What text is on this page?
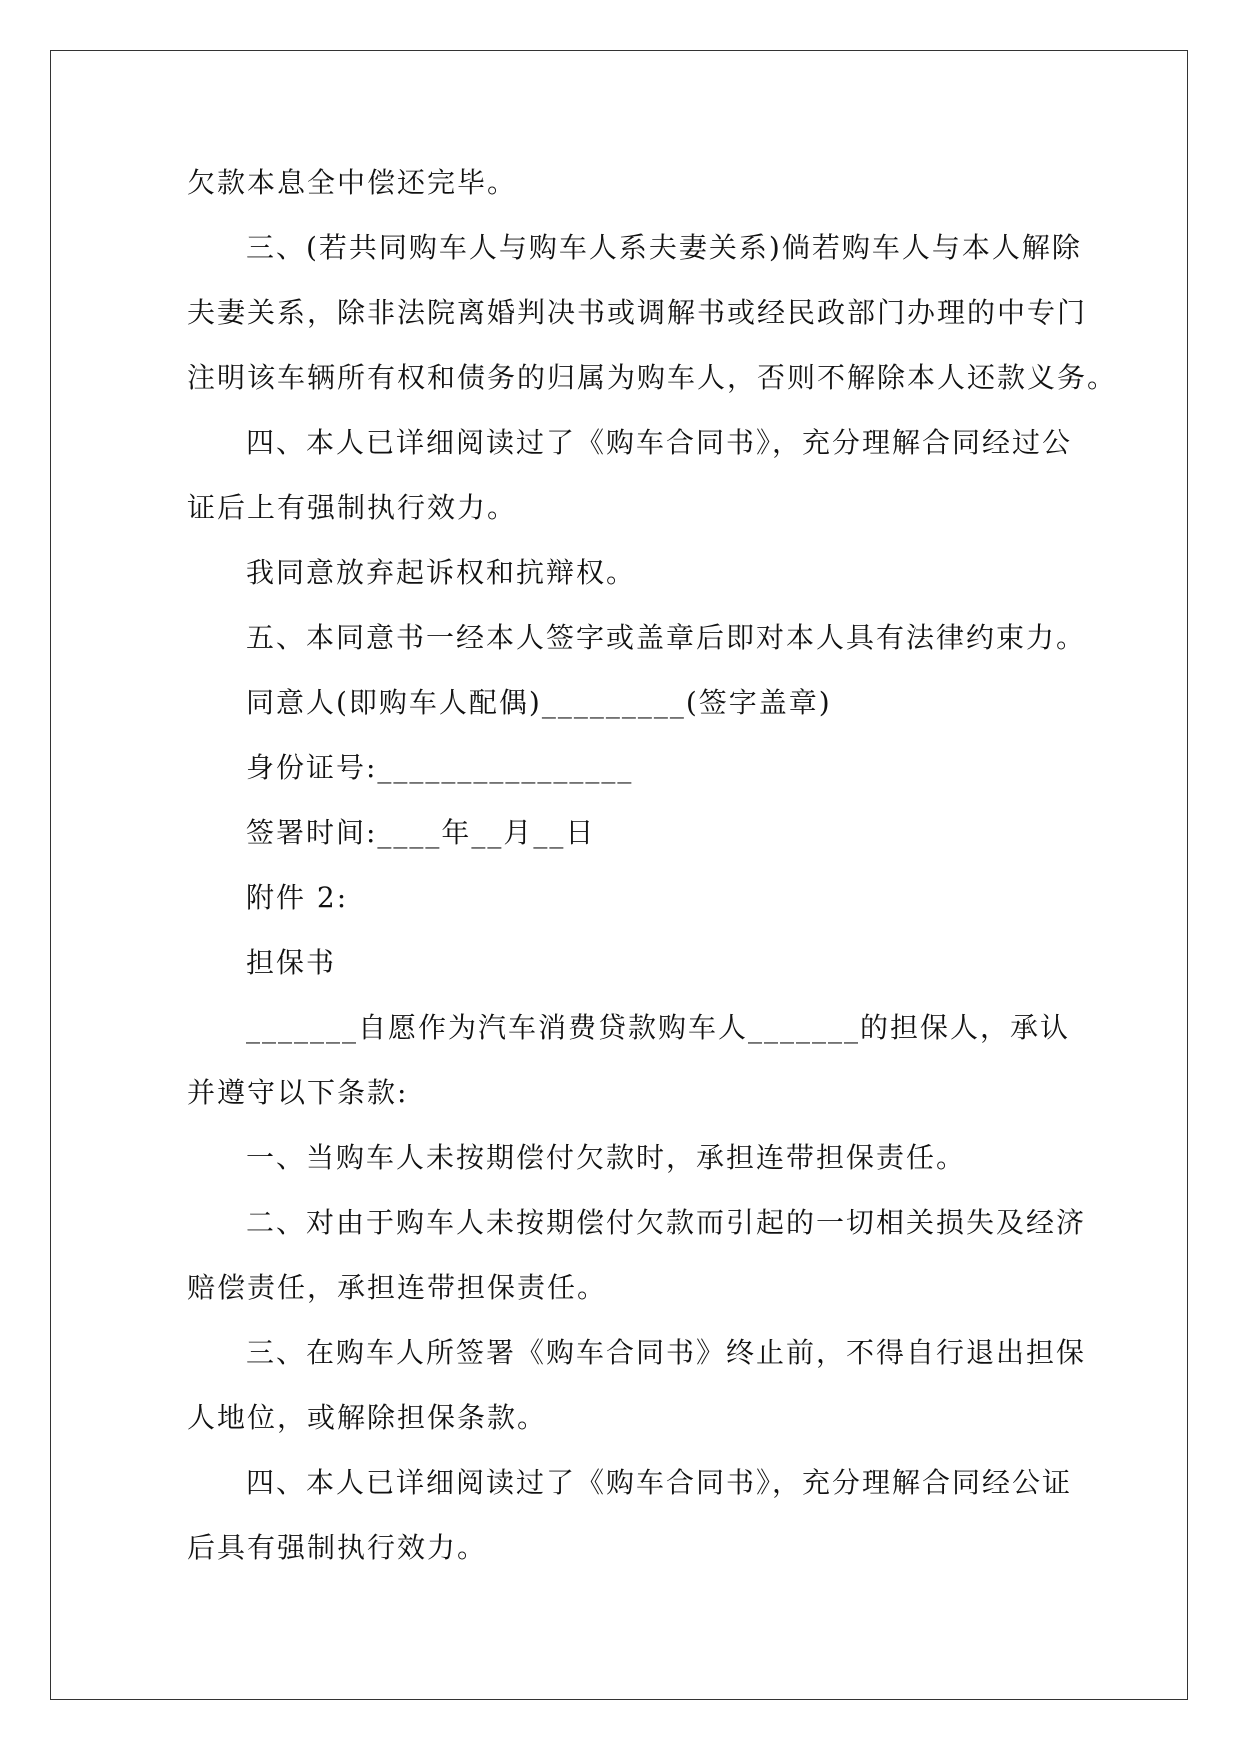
欠款本息全中偿还完毕。
三、(若共同购车人与购车人系夫妻关系)倘若购车人与本人解除
夫妻关系，除非法院离婚判决书或调解书或经民政部门办理的中专门
注明该车辆所有权和债务的归属为购车人，否则不解除本人还款义务。
四、本人已详细阅读过了《购车合同书》，充分理解合同经过公
证后上有强制执行效力。
我同意放弃起诉权和抗辩权。
五、本同意书一经本人签字或盖章后即对本人具有法律约束力。
同意人(即购车人配偶)_________(签字盖章)
身份证号:________________
签署时间:____年__月__日
附件 2:
担保书
_______自愿作为汽车消费贷款购车人_______的担保人，承认
并遵守以下条款:
一、当购车人未按期偿付欠款时，承担连带担保责任。
二、对由于购车人未按期偿付欠款而引起的一切相关损失及经济
赔偿责任，承担连带担保责任。
三、在购车人所签署《购车合同书》终止前，不得自行退出担保
人地位，或解除担保条款。
四、本人已详细阅读过了《购车合同书》，充分理解合同经公证
后具有强制执行效力。
